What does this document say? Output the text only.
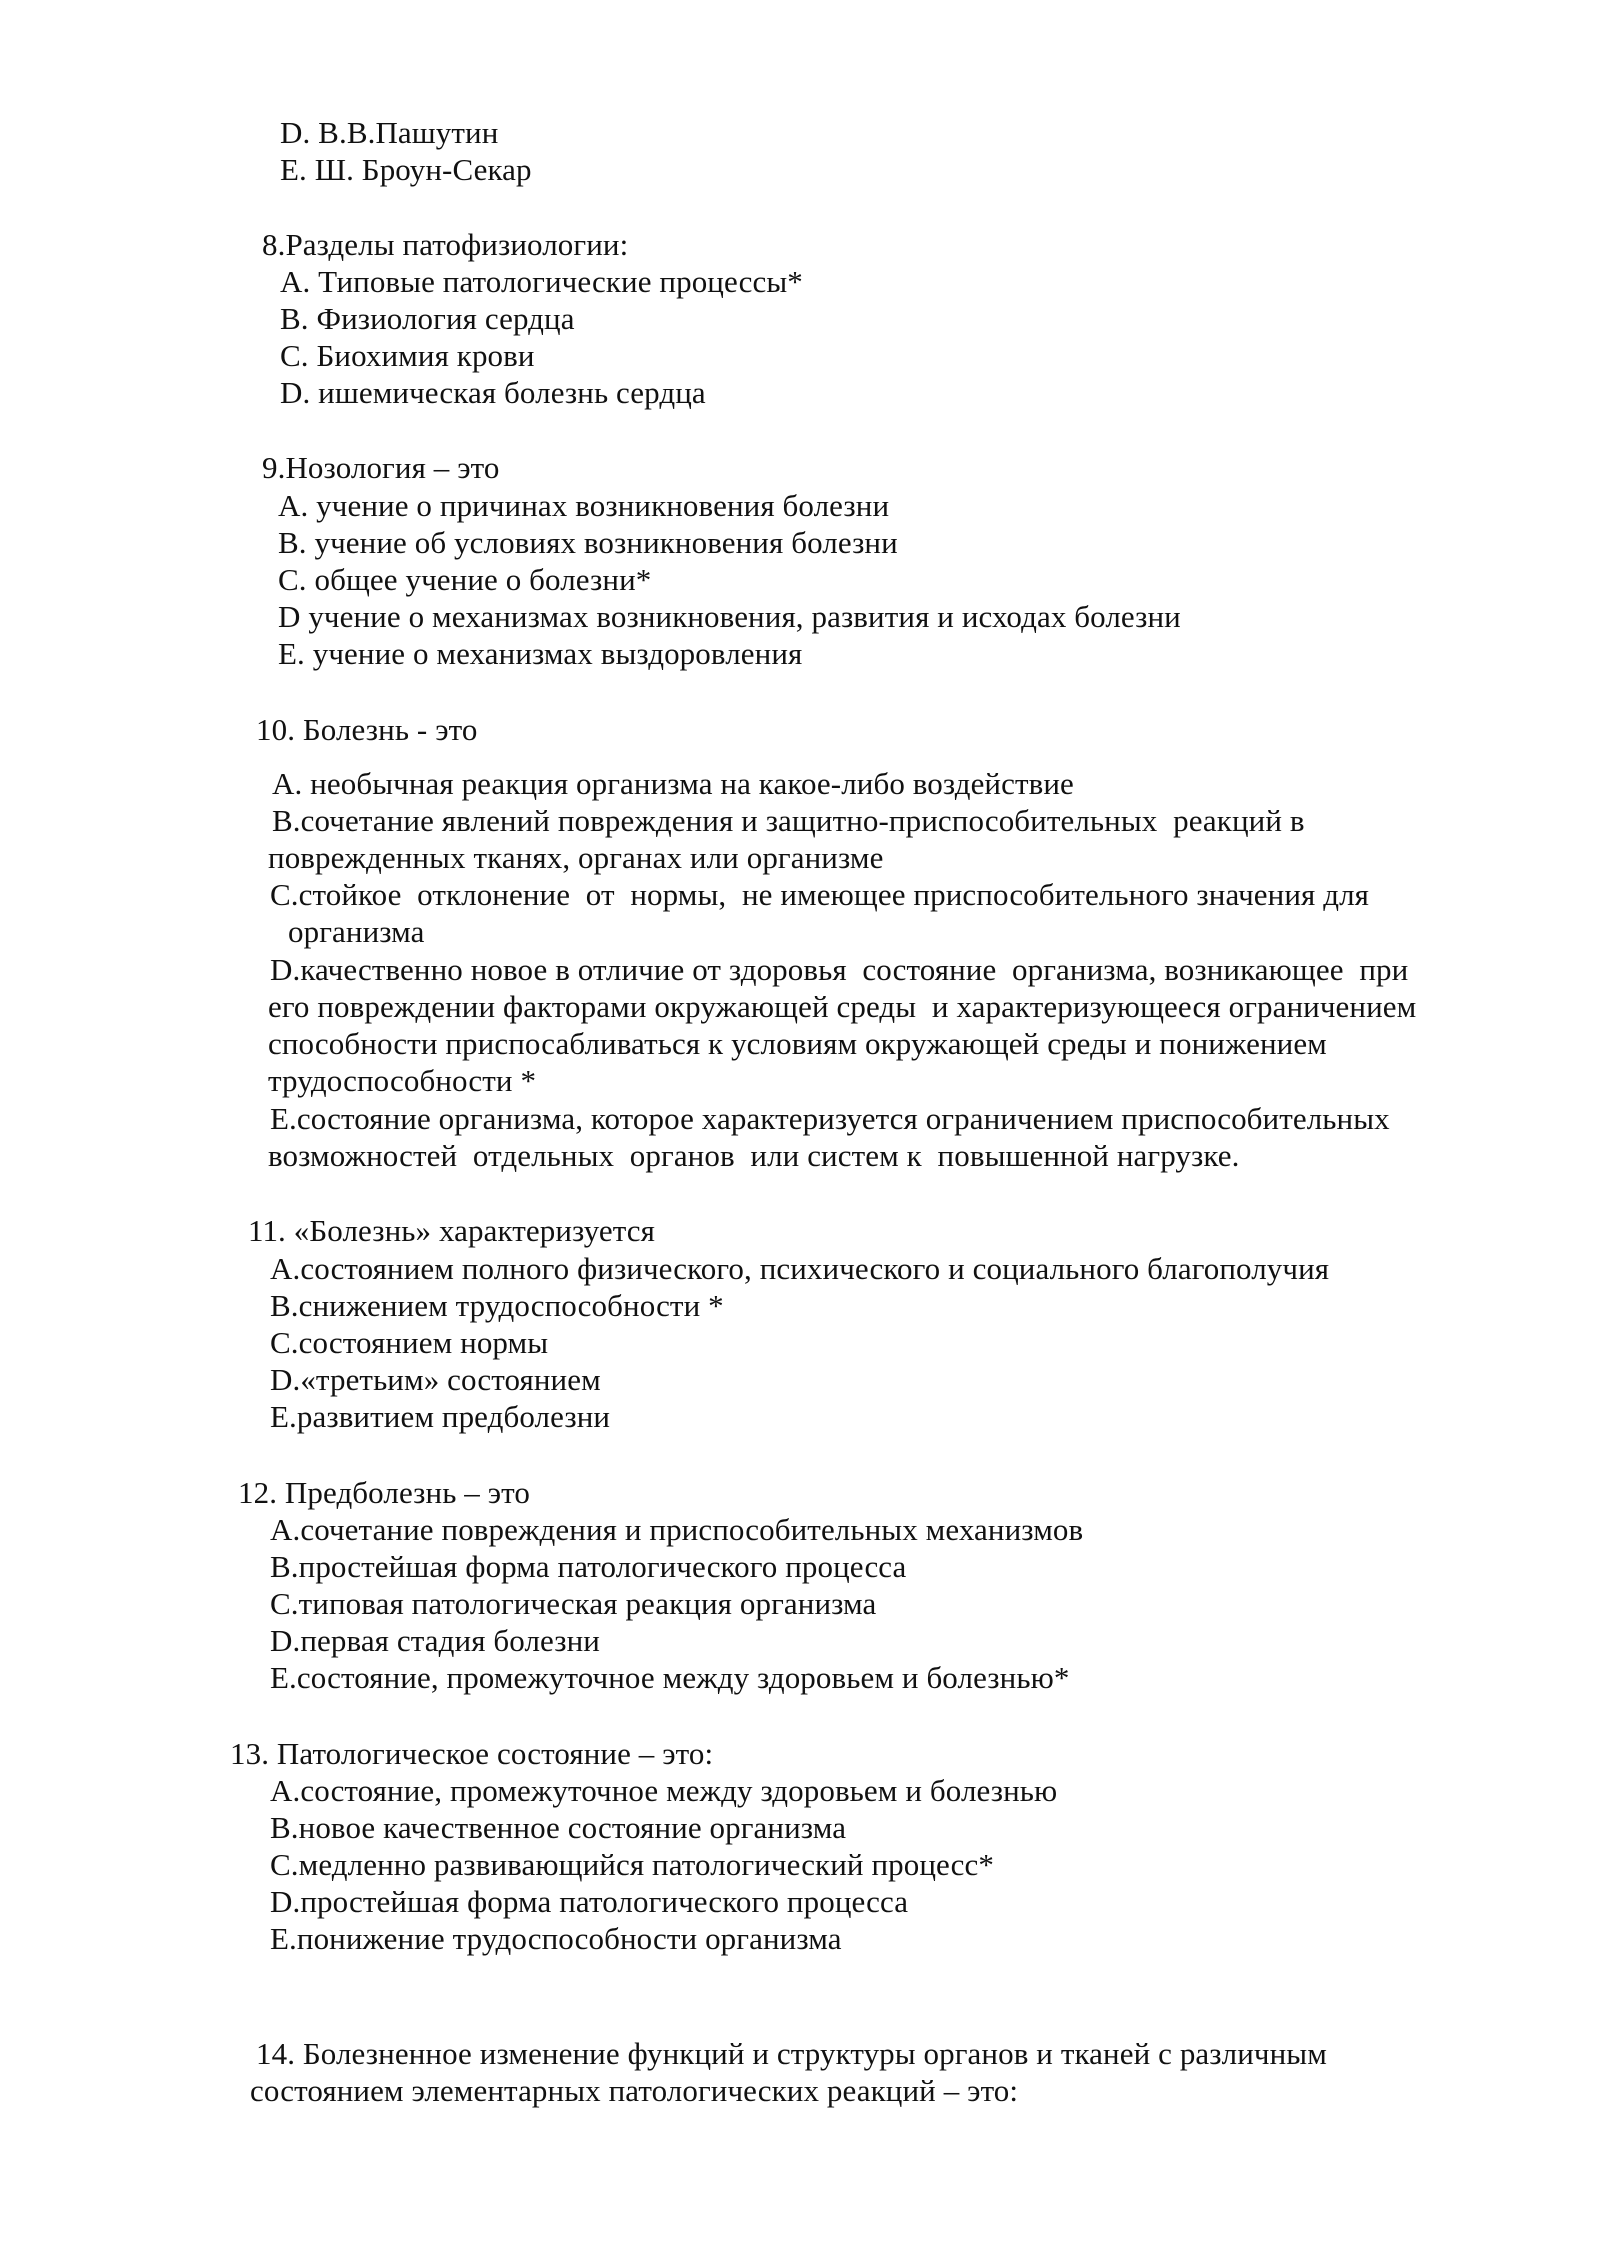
D. В.В.Пашутин
E. Ш. Броун-Секар
8.Разделы патофизиологии:
A. Типовые патологические процессы*
B. Физиология сердца
C. Биохимия крови
D. ишемическая болезнь сердца
9.Нозология – это
A. учение о причинах возникновения болезни
B. учение об условиях возникновения болезни
C. общее учение о болезни*
D учение о механизмах возникновения, развития и исходах болезни
E. учение о механизмах выздоровления
10. Болезнь - это
A. необычная реакция организма на какое-либо воздействие
B.сочетание явлений повреждения и защитно-приспособительных  реакций в
поврежденных тканях, органах или организме
C.стойкое  отклонение  от  нормы,  не имеющее приспособительного значения для
организма
D.качественно новое в отличие от здоровья  состояние  организма, возникающее  при
его повреждении факторами окружающей среды  и характеризующееся ограничением
способности приспосабливаться к условиям окружающей среды и понижением
трудоспособности *
E.состояние организма, которое характеризуется ограничением приспособительных
возможностей  отдельных  органов  или систем к  повышенной нагрузке.
11. «Болезнь» характеризуется
A.состоянием полного физического, психического и социального благополучия
B.снижением трудоспособности *
C.состоянием нормы
D.«третьим» состоянием
E.развитием предболезни
12. Предболезнь – это
A.сочетание повреждения и приспособительных механизмов
B.простейшая форма патологического процесса
C.типовая патологическая реакция организма
D.первая стадия болезни
E.состояние, промежуточное между здоровьем и болезнью*
13. Патологическое состояние – это:
A.состояние, промежуточное между здоровьем и болезнью
B.новое качественное состояние организма
C.медленно развивающийся патологический процесс*
D.простейшая форма патологического процесса
E.понижение трудоспособности организма
14. Болезненное изменение функций и структуры органов и тканей с различным
состоянием элементарных патологических реакций – это:
